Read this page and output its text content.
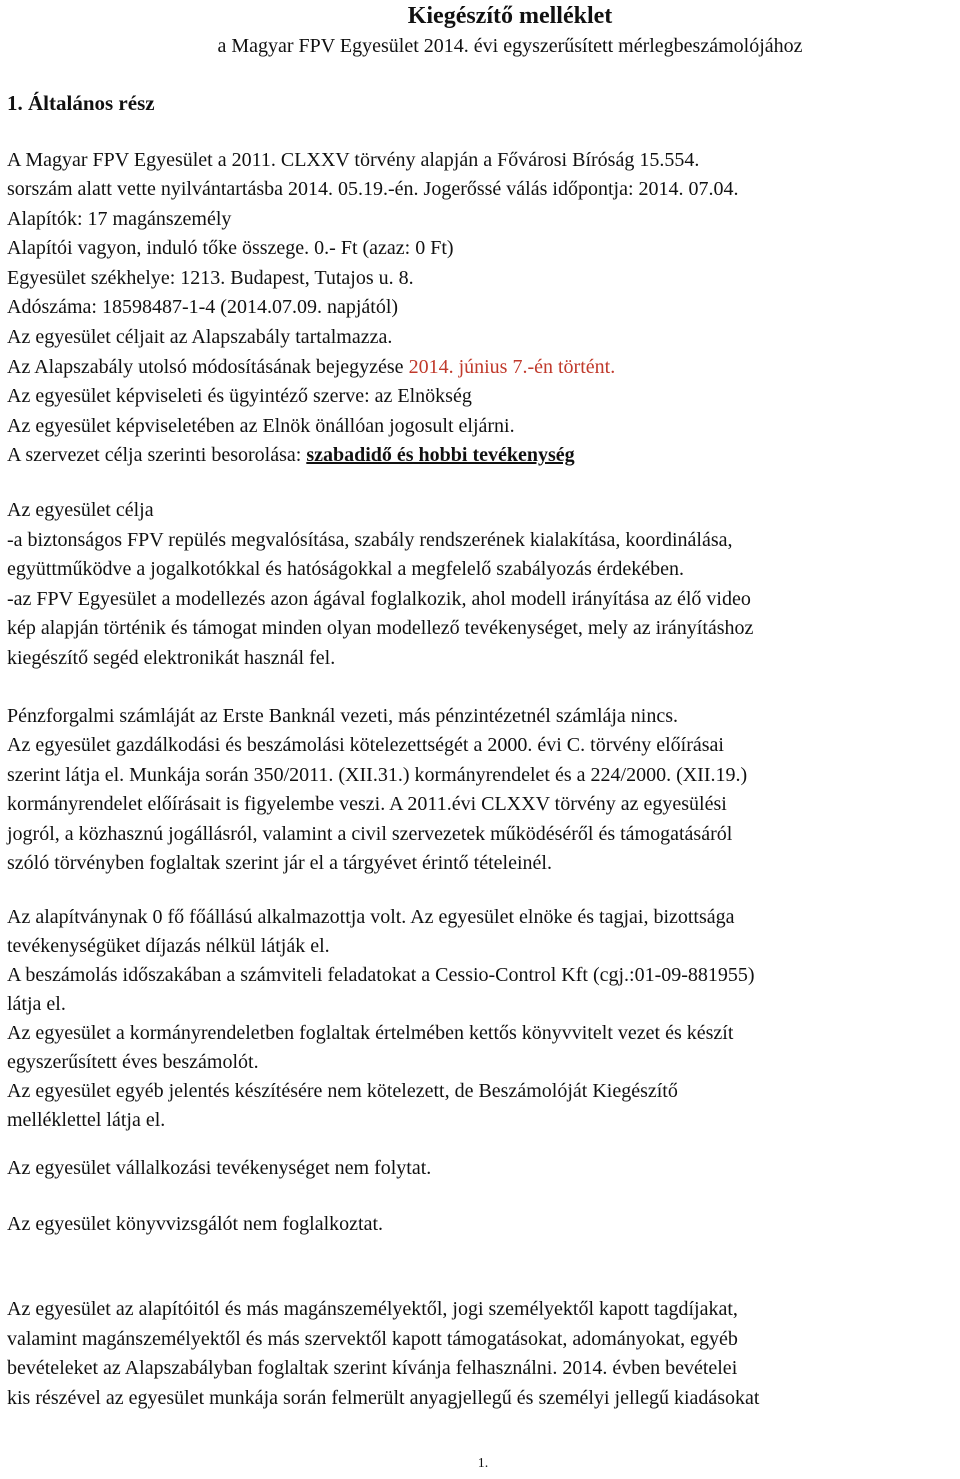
Kiegészítő melléklet
a Magyar FPV Egyesület 2014. évi egyszerűsített mérlegbeszámolójához
1. Általános rész
A Magyar FPV Egyesület a 2011. CLXXV törvény alapján a Fővárosi Bíróság 15.554.
sorszám alatt vette nyilvántartásba 2014. 05.19.-én. Jogerőssé válás időpontja: 2014. 07.04.
Alapítók: 17 magánszemély
Alapítói vagyon, induló tőke összege. 0.- Ft (azaz: 0 Ft)
Egyesület székhelye: 1213. Budapest, Tutajos u. 8.
Adószáma: 18598487-1-4 (2014.07.09. napjától)
Az egyesület céljait az Alapszabály tartalmazza.
Az Alapszabály utolsó módosításának bejegyzése 2014. június 7.-én történt.
Az egyesület képviseleti és ügyintéző szerve: az Elnökség
Az egyesület képviseletében az Elnök önállóan jogosult eljárni.
A szervezet célja szerinti besorolása: szabadidő és hobbi tevékenység
Az egyesület célja
-a biztonságos FPV repülés megvalósítása, szabály rendszerének kialakítása, koordinálása,
együttműködve a jogalkotókkal és hatóságokkal a megfelelő szabályozás érdekében.
-az FPV Egyesület a modellezés azon ágával foglalkozik, ahol modell irányítása az élő video
kép alapján történik és támogat minden olyan modellező tevékenységet, mely az irányításhoz
kiegészítő segéd elektronikát használ fel.
Pénzforgalmi számláját az Erste Banknál vezeti, más pénzintézetnél számlája nincs.
Az egyesület gazdálkodási és beszámolási kötelezettségét a 2000. évi C. törvény előírásai
szerint látja el. Munkája során 350/2011. (XII.31.) kormányrendelet és a 224/2000. (XII.19.)
kormányrendelet előírásait is figyelembe veszi. A 2011.évi CLXXV törvény az egyesülési
jogról, a közhasznú jogállásról, valamint a civil szervezetek működéséről és támogatásáról
szóló törvényben foglaltak szerint jár el a tárgyévet érintő tételeinél.
Az alapítványnak 0 fő főállású alkalmazottja volt. Az egyesület elnöke és tagjai, bizottsága
tevékenységüket díjazás nélkül látják el.
A beszámolás időszakában a számviteli feladatokat a Cessio-Control Kft (cgj.:01-09-881955)
látja el.
Az egyesület a kormányrendeletben foglaltak értelmében kettős könyvvitelt vezet és készít
egyszerűsített éves beszámolót.
Az egyesület egyéb jelentés készítésére nem kötelezett, de Beszámolóját Kiegészítő
melléklettel látja el.
Az egyesület vállalkozási tevékenységet nem folytat.
Az egyesület könyvvizsgálót nem foglalkoztat.
Az egyesület az alapítóitól és más magánszemélyektől, jogi személyektől kapott tagdíjakat,
valamint magánszemélyektől és más szervektől kapott támogatásokat, adományokat, egyéb
bevételeket az Alapszabályban foglaltak szerint kívánja felhasználni. 2014. évben bevételei
kis részével az egyesület munkája során felmerült anyagjellegű és személyi jellegű kiadásokat
1.
